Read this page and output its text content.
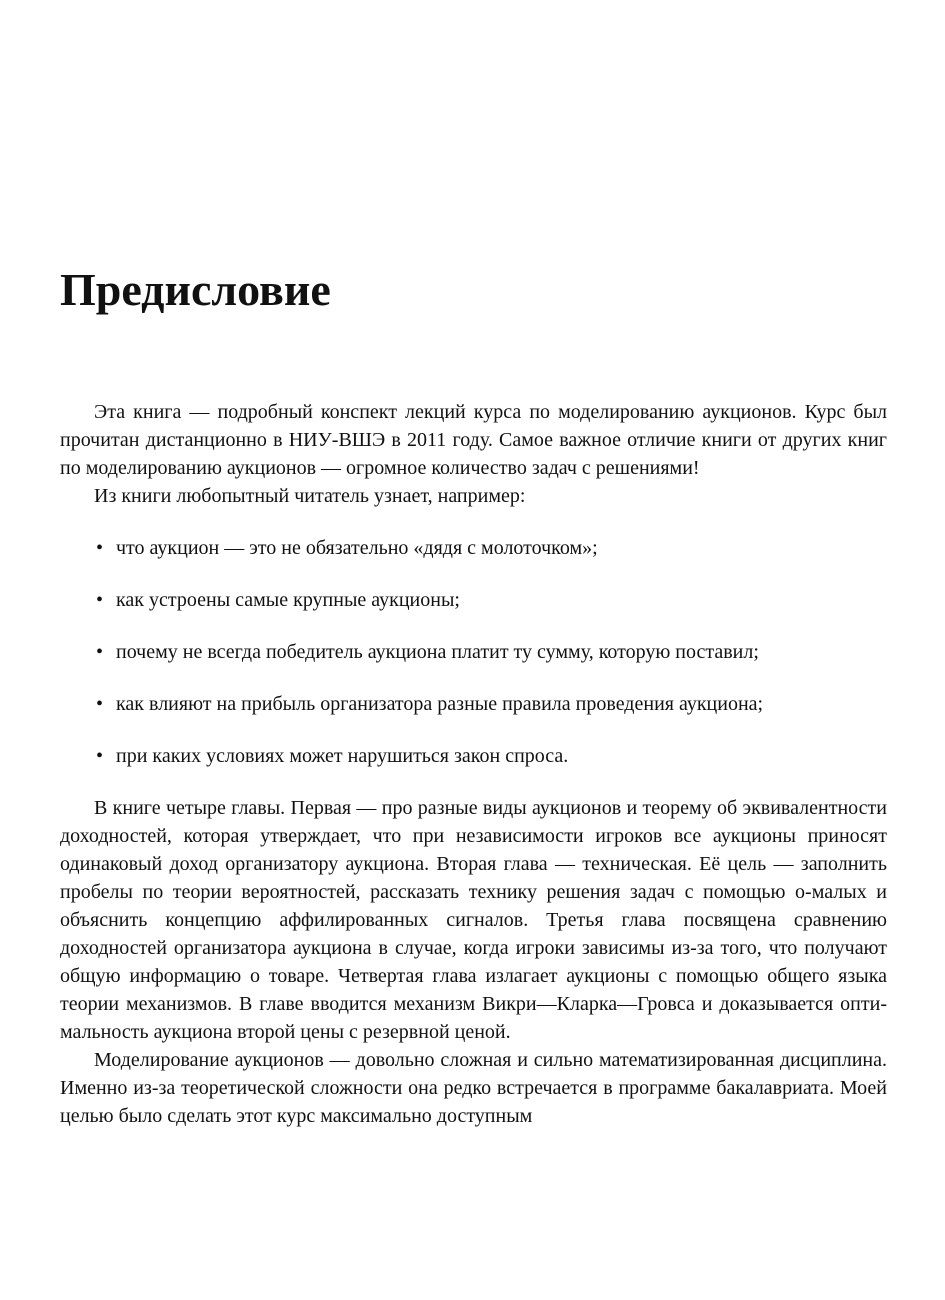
Предисловие

Эта книга — подробный конспект лекций курса по моделированию аукционов. Курс был прочитан дистанционно в НИУ-ВШЭ в 2011 году. Самое важное отличие книги от других книг по моделированию аукционов — огромное количество задач с решениями!

Из книги любопытный читатель узнает, например:

• что аукцион — это не обязательно «дядя с молоточком»;
• как устроены самые крупные аукционы;
• почему не всегда победитель аукциона платит ту сумму, которую поставил;
• как влияют на прибыль организатора разные правила проведения аукциона;
• при каких условиях может нарушиться закон спроса.

В книге четыре главы. Первая — про разные виды аукционов и теорему об эквивалентности доходностей, которая утверждает, что при независимости игроков все аукционы приносят одинаковый доход организатору аукциона. Вторая глава — техническая. Её цель — заполнить пробелы по теории вероятностей, рассказать технику решения задач с помощью о-малых и объяснить концепцию аффилированных сигналов. Третья глава посвящена сравнению доходностей организатора аукциона в случае, когда игроки зависимы из-за того, что получают общую информацию о товаре. Четвертая глава излагает аукционы с помощью общего языка теории механизмов. В главе вводится механизм Викри—Кларка—Гровса и доказывается оптимальность аукциона второй цены с резервной ценой.

Моделирование аукционов — довольно сложная и сильно математизированная дисциплина. Именно из-за теоретической сложности она редко встречается в программе бакалавриата. Моей целью было сделать этот курс максимально доступным
